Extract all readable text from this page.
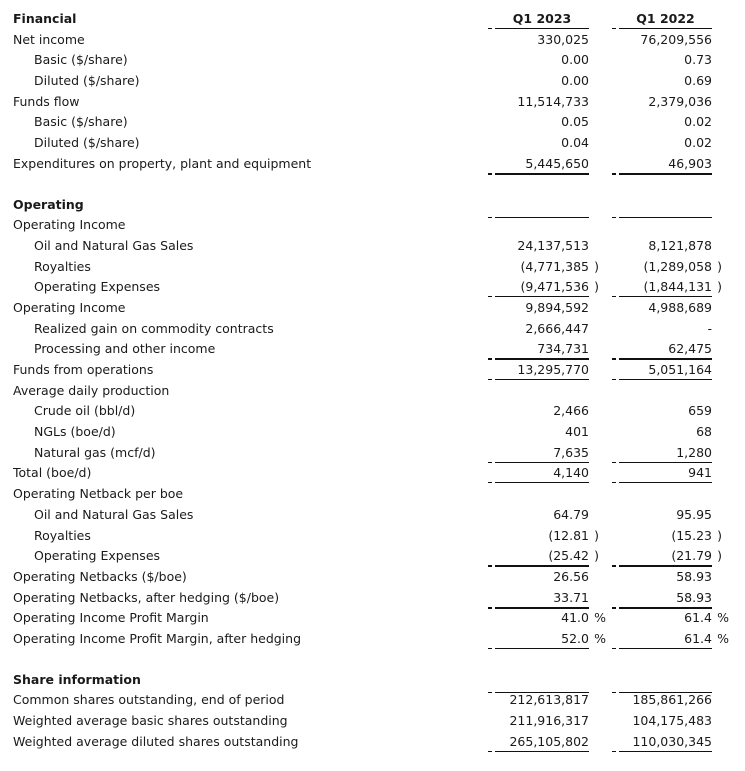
Financial	Q1 2023	Q1 2022
Net income	330,025	76,209,556
Basic ($/share)	0.00	0.73
Diluted ($/share)	0.00	0.69
Funds flow	11,514,733	2,379,036
Basic ($/share)	0.05	0.02
Diluted ($/share)	0.04	0.02
Expenditures on property, plant and equipment	5,445,650	46,903
Operating
Operating Income
Oil and Natural Gas Sales	24,137,513	8,121,878
Royalties	(4,771,385 )	(1,289,058 )
Operating Expenses	(9,471,536 )	(1,844,131 )
Operating Income	9,894,592	4,988,689
Realized gain on commodity contracts	2,666,447	-
Processing and other income	734,731	62,475
Funds from operations	13,295,770	5,051,164
Average daily production
Crude oil (bbl/d)	2,466	659
NGLs (boe/d)	401	68
Natural gas (mcf/d)	7,635	1,280
Total (boe/d)	4,140	941
Operating Netback per boe
Oil and Natural Gas Sales	64.79	95.95
Royalties	(12.81 )	(15.23 )
Operating Expenses	(25.42 )	(21.79 )
Operating Netbacks ($/boe)	26.56	58.93
Operating Netbacks, after hedging ($/boe)	33.71	58.93
Operating Income Profit Margin	41.0 %	61.4 %
Operating Income Profit Margin, after hedging	52.0 %	61.4 %
Share information
Common shares outstanding, end of period	212,613,817	185,861,266
Weighted average basic shares outstanding	211,916,317	104,175,483
Weighted average diluted shares outstanding	265,105,802	110,030,345
